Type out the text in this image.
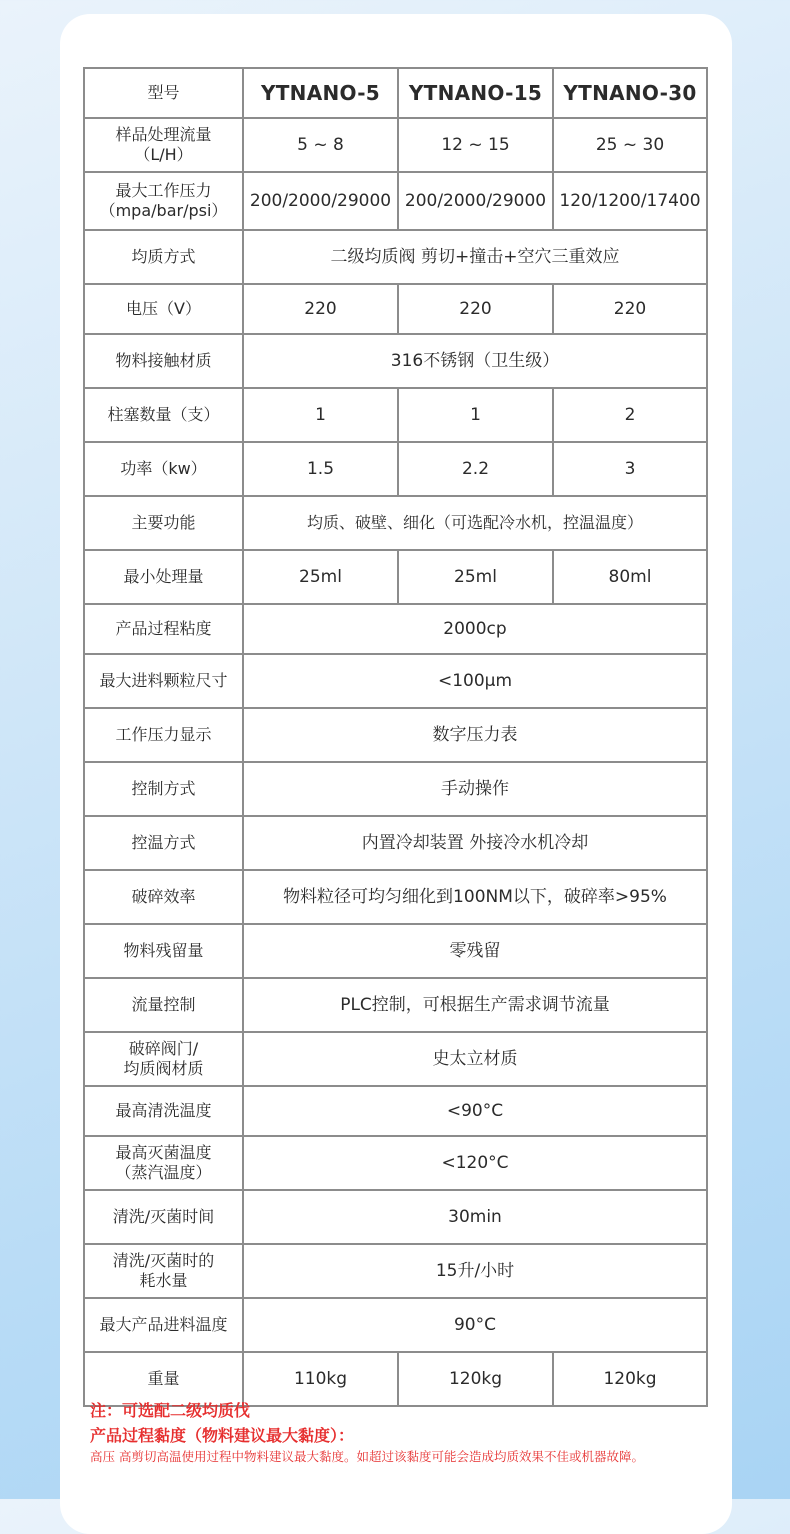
型号	YTNANO-5	YTNANO-15	YTNANO-30
样品处理流量
（L/H）	5 ~ 8	12 ~ 15	25 ~ 30
最大工作压力
（mpa/bar/psi）	200/2000/29000	200/2000/29000	120/1200/17400
均质方式	二级均质阀 剪切+撞击+空穴三重效应		
电压（V）	220	220	220
物料接触材质	316不锈钢（卫生级）		
柱塞数量（支）	1	1	2
功率（kw）	1.5	2.2	3
主要功能	均质、破壁、细化（可选配冷水机，控温温度）		
最小处理量	25ml	25ml	80ml
产品过程粘度	2000cp		
最大进料颗粒尺寸	<100μm		
工作压力显示	数字压力表		
控制方式	手动操作		
控温方式	内置冷却装置 外接冷水机冷却		
破碎效率	物料粒径可均匀细化到100NM以下，破碎率>95%		
物料残留量	零残留		
流量控制	PLC控制，可根据生产需求调节流量		
破碎阀门/
均质阀材质	史太立材质		
最高清洗温度	<90°C		
最高灭菌温度
（蒸汽温度）	<120°C		
清洗/灭菌时间	30min		
清洗/灭菌时的
耗水量	15升/小时		
最大产品进料温度	90°C		
重量	110kg	120kg	120kg
注：可选配二级均质伐
产品过程黏度（物料建议最大黏度）：
高压 高剪切高温使用过程中物料建议最大黏度。如超过该黏度可能会造成均质效果不佳或机器故障。
